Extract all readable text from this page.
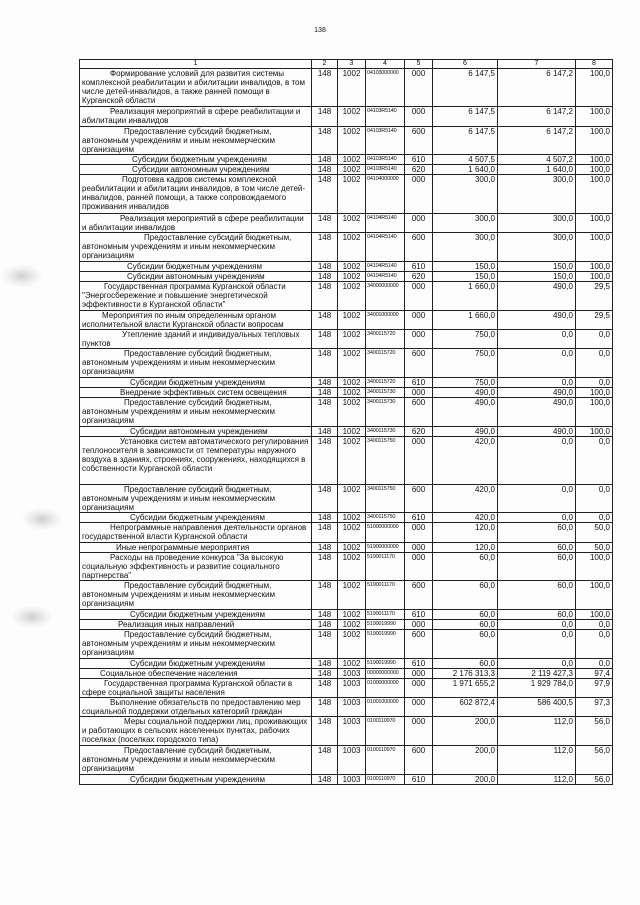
138
1	2	3	4	5	6	7	8

Формирование условий для развития системы комплексной реабилитации и абилитации инвалидов, в том числе детей-инвалидов, а также ранней помощи в Курганской области	148	1002	04103000000	000	6 147,5	6 147,2	100,0

Реализация мероприятий в сфере реабилитации и абилитации инвалидов	148	1002	04103R5140	000	6 147,5	6 147,2	100,0

Предоставление субсидий бюджетным, автономным учреждениям и иным некоммерческим организациям	148	1002	04103R5140	600	6 147,5	6 147,2	100,0

Субсидии бюджетным учреждениям	148	1002	04103R5140	610	4 507,5	4 507,2	100,0

Субсидии автономным учреждениям	148	1002	04103R5140	620	1 640,0	1 640,0	100,0

Подготовка кадров системы комплексной реабилитации и абилитации инвалидов, в том числе детей-инвалидов, ранней помощи, а также сопровождаемого проживания инвалидов	148	1002	04104000000	000	300,0	300,0	100,0

Реализация мероприятий в сфере реабилитации и абилитации инвалидов	148	1002	04104R5140	000	300,0	300,0	100,0

Предоставление субсидий бюджетным, автономным учреждениям и иным некоммерческим организациям	148	1002	04104R5140	600	300,0	300,0	100,0

Субсидии бюджетным учреждениям	148	1002	04104R5140	610	150,0	150,0	100,0

Субсидии автономным учреждениям	148	1002	04104R5140	620	150,0	150,0	100,0

Государственная программа Курганской области "Энергосбережение и повышение энергетической эффективности в Курганской области"	148	1002	34000000000	000	1 660,0	490,0	29,5

Мероприятия по иным определенным органом исполнительной власти Курганской области вопросам	148	1002	34001000000	000	1 660,0	490,0	29,5

Утепление зданий и индивидуальных тепловых пунктов	148	1002	3400115720	000	750,0	0,0	0,0

Предоставление субсидий бюджетным, автономным учреждениям и иным некоммерческим организациям	148	1002	3400115720	600	750,0	0,0	0,0

Субсидии бюджетным учреждениям	148	1002	3400115720	610	750,0	0,0	0,0

Внедрение эффективных систем освещения	148	1002	3400115730	000	490,0	490,0	100,0

Предоставление субсидий бюджетным, автономным учреждениям и иным некоммерческим организациям	148	1002	3400115730	600	490,0	490,0	100,0

Субсидии автономным учреждениям	148	1002	3400115730	620	490,0	490,0	100,0

Установка систем автоматического регулирования теплоносителя в зависимости от температуры наружного воздуха в зданиях, строениях, сооружениях, находящихся в собственности Курганской области	148	1002	3400115750	000	420,0	0,0	0,0

Предоставление субсидий бюджетным, автономным учреждениям и иным некоммерческим организациям	148	1002	3400115750	600	420,0	0,0	0,0

Субсидии бюджетным учреждениям	148	1002	3400115750	610	420,0	0,0	0,0

Непрограммные направления деятельности органов государственной власти Курганской области	148	1002	51000000000	000	120,0	60,0	50,0

Иные непрограммные мероприятия	148	1002	51900000000	000	120,0	60,0	50,0

Расходы на проведение конкурса "За высокую социальную эффективность и развитие социального партнерства"	148	1002	5190011170	000	60,0	60,0	100,0

Предоставление субсидий бюджетным, автономным учреждениям и иным некоммерческим организациям	148	1002	5190011170	600	60,0	60,0	100,0

Субсидии бюджетным учреждениям	148	1002	5190011170	610	60,0	60,0	100,0

Реализация иных направлений	148	1002	5190019990	000	60,0	0,0	0,0

Предоставление субсидий бюджетным, автономным учреждениям и иным некоммерческим организациям	148	1002	5190019990	600	60,0	0,0	0,0

Субсидии бюджетным учреждениям	148	1002	5190019990	610	60,0	0,0	0,0

Социальное обеспечение населения	148	1003	00000000000	000	2 176 313,3	2 119 427,3	97,4

Государственная программа Курганской области в сфере социальной защиты населения	148	1003	01000000000	000	1 971 655,2	1 929 784,0	97,9

Выполнение обязательств по предоставлению мер социальной поддержки отдельных категорий граждан	148	1003	01001000000	000	602 872,4	586 400,5	97,3

Меры социальной поддержки лиц, проживающих и работающих в сельских населенных пунктах, рабочих поселках (поселках городского типа)	148	1003	0100110970	000	200,0	112,0	56,0

Предоставление субсидий бюджетным, автономным учреждениям и иным некоммерческим организациям	148	1003	0100110970	600	200,0	112,0	56,0

Субсидии бюджетным учреждениям	148	1003	0100110970	610	200,0	112,0	56,0
